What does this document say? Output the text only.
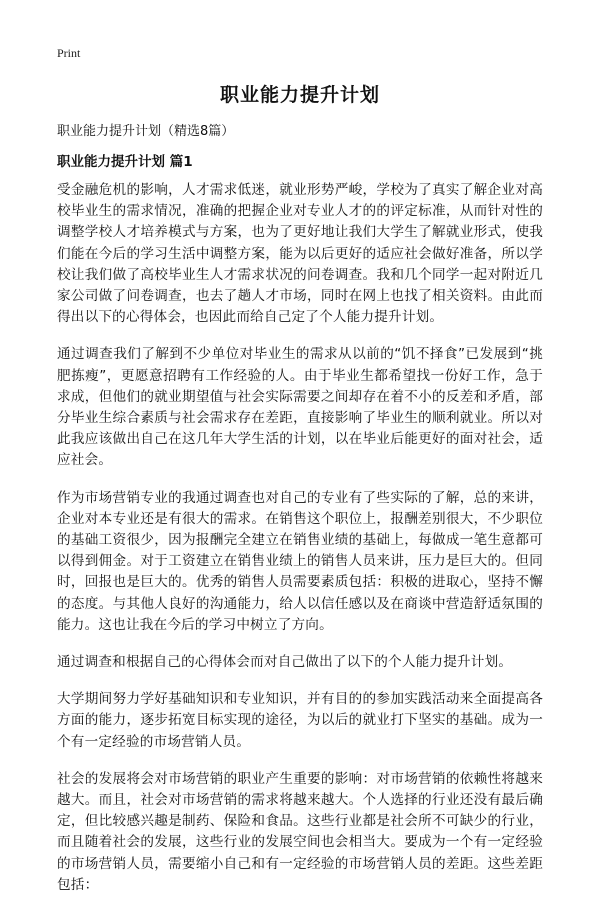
Print
职业能力提升计划

职业能力提升计划（精选8篇）

职业能力提升计划 篇1

受金融危机的影响，人才需求低迷，就业形势严峻，学校为了真实了解企业对高校毕业生的需求情况，准确的把握企业对专业人才的的评定标准，从而针对性的调整学校人才培养模式与方案，也为了更好地让我们大学生了解就业形式，使我们能在今后的学习生活中调整方案，能为以后更好的适应社会做好准备，所以学校让我们做了高校毕业生人才需求状况的问卷调查。我和几个同学一起对附近几家公司做了问卷调查，也去了趟人才市场，同时在网上也找了相关资料。由此而得出以下的心得体会，也因此而给自己定了个人能力提升计划。

通过调查我们了解到不少单位对毕业生的需求从以前的“饥不择食”已发展到“挑肥拣瘦”，更愿意招聘有工作经验的人。由于毕业生都希望找一份好工作，急于求成，但他们的就业期望值与社会实际需要之间却存在着不小的反差和矛盾，部分毕业生综合素质与社会需求存在差距，直接影响了毕业生的顺利就业。所以对此我应该做出自己在这几年大学生活的计划，以在毕业后能更好的面对社会，适应社会。

作为市场营销专业的我通过调查也对自己的专业有了些实际的了解，总的来讲，企业对本专业还是有很大的需求。在销售这个职位上，报酬差别很大，不少职位的基础工资很少，因为报酬完全建立在销售业绩的基础上，每做成一笔生意都可以得到佣金。对于工资建立在销售业绩上的销售人员来讲，压力是巨大的。但同时，回报也是巨大的。优秀的销售人员需要素质包括：积极的进取心，坚持不懈的态度。与其他人良好的沟通能力，给人以信任感以及在商谈中营造舒适氛围的能力。这也让我在今后的学习中树立了方向。

通过调查和根据自己的心得体会而对自己做出了以下的个人能力提升计划。

大学期间努力学好基础知识和专业知识，并有目的的参加实践活动来全面提高各方面的能力，逐步拓宽目标实现的途径，为以后的就业打下坚实的基础。成为一个有一定经验的市场营销人员。

社会的发展将会对市场营销的职业产生重要的影响：对市场营销的依赖性将越来越大。而且，社会对市场营销的需求将越来越大。个人选择的行业还没有最后确定，但比较感兴趣是制药、保险和食品。这些行业都是社会所不可缺少的行业，而且随着社会的发展，这些行业的发展空间也会相当大。要成为一个有一定经验的市场营销人员，需要缩小自己和有一定经验的市场营销人员的差距。这些差距包括：
